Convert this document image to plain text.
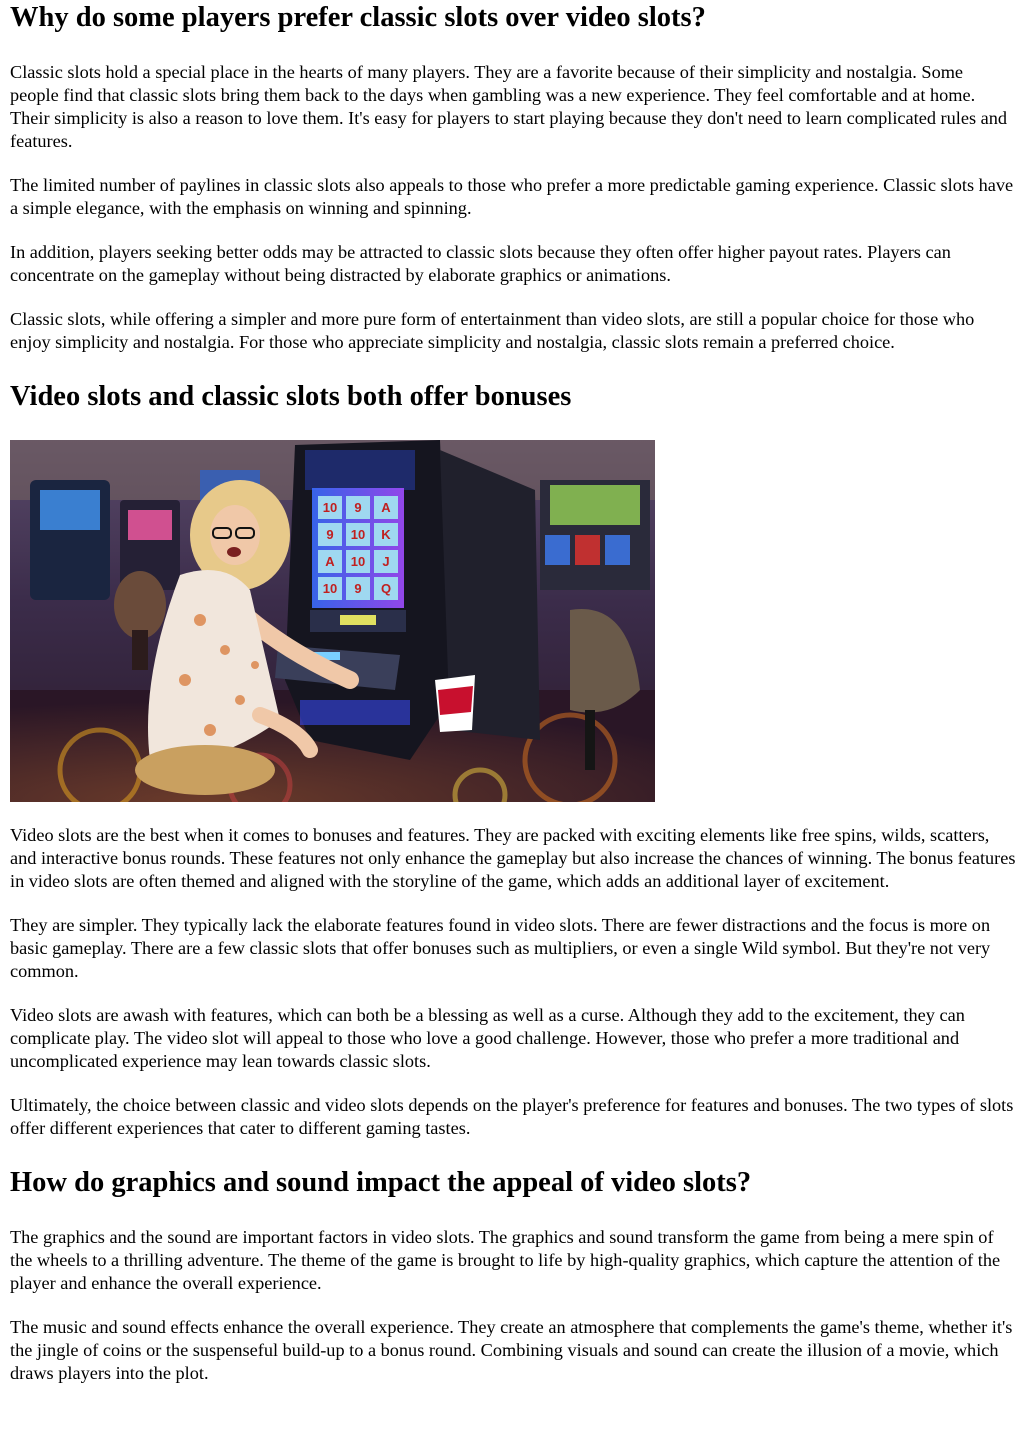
Why do some players prefer classic slots over video slots?

Classic slots hold a special place in the hearts of many players. They are a favorite because of their simplicity and nostalgia. Some people find that classic slots bring them back to the days when gambling was a new experience. They feel comfortable and at home. Their simplicity is also a reason to love them. It's easy for players to start playing because they don't need to learn complicated rules and features.

The limited number of paylines in classic slots also appeals to those who prefer a more predictable gaming experience. Classic slots have a simple elegance, with the emphasis on winning and spinning.

In addition, players seeking better odds may be attracted to classic slots because they often offer higher payout rates. Players can concentrate on the gameplay without being distracted by elaborate graphics or animations.

Classic slots, while offering a simpler and more pure form of entertainment than video slots, are still a popular choice for those who enjoy simplicity and nostalgia. For those who appreciate simplicity and nostalgia, classic slots remain a preferred choice.

Video slots and classic slots both offer bonuses
10 9 A
9 10 K
A 10 J
10 9 Q

Video slots are the best when it comes to bonuses and features. They are packed with exciting elements like free spins, wilds, scatters, and interactive bonus rounds. These features not only enhance the gameplay but also increase the chances of winning. The bonus features in video slots are often themed and aligned with the storyline of the game, which adds an additional layer of excitement.

They are simpler. They typically lack the elaborate features found in video slots. There are fewer distractions and the focus is more on basic gameplay. There are a few classic slots that offer bonuses such as multipliers, or even a single Wild symbol. But they're not very common.

Video slots are awash with features, which can both be a blessing as well as a curse. Although they add to the excitement, they can complicate play. The video slot will appeal to those who love a good challenge. However, those who prefer a more traditional and uncomplicated experience may lean towards classic slots.

Ultimately, the choice between classic and video slots depends on the player's preference for features and bonuses. The two types of slots offer different experiences that cater to different gaming tastes.

How do graphics and sound impact the appeal of video slots?

The graphics and the sound are important factors in video slots. The graphics and sound transform the game from being a mere spin of the wheels to a thrilling adventure. The theme of the game is brought to life by high-quality graphics, which capture the attention of the player and enhance the overall experience.

The music and sound effects enhance the overall experience. They create an atmosphere that complements the game's theme, whether it's the jingle of coins or the suspenseful build-up to a bonus round. Combining visuals and sound can create the illusion of a movie, which draws players into the plot.
